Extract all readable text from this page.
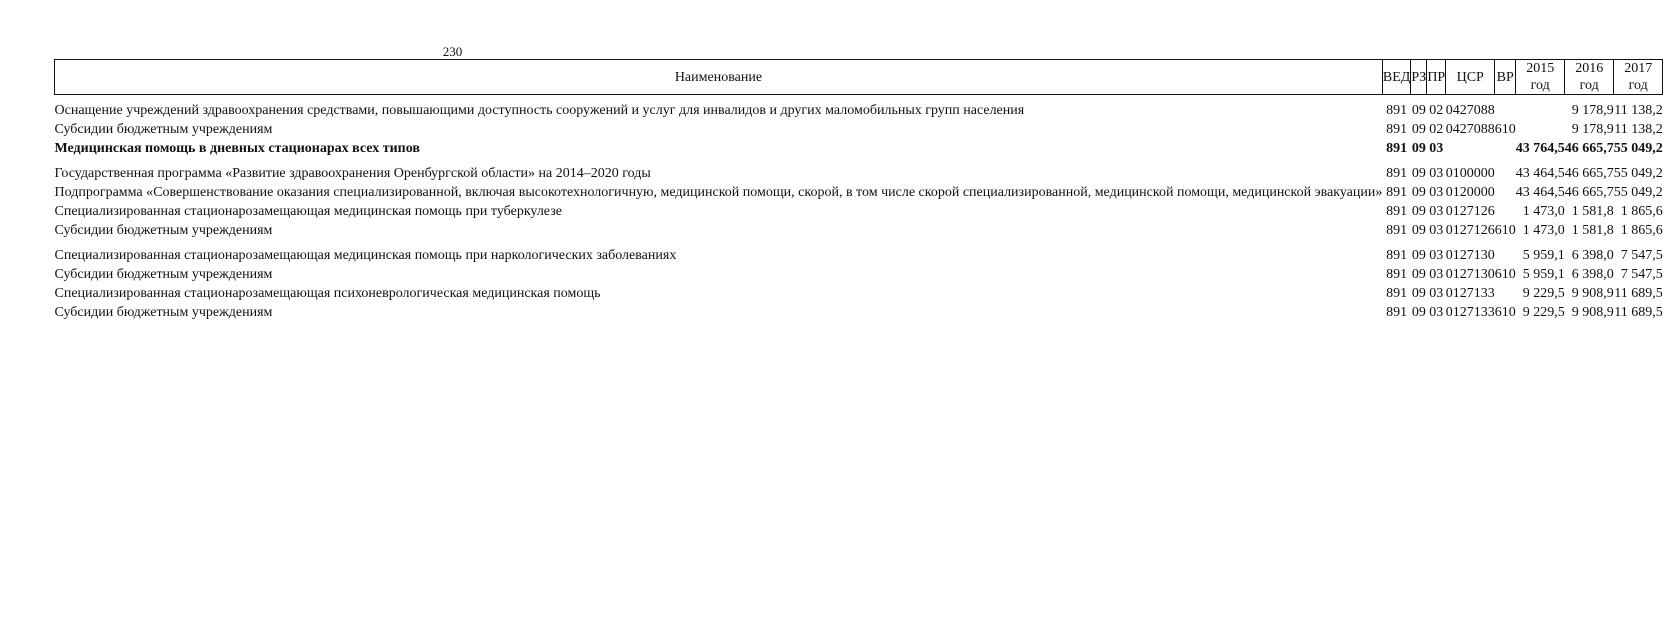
230
Наименование	ВЕД	РЗ	ПР	ЦСР	ВР	2015 год	2016 год	2017 год
Оснащение учреждений здравоохранения средствами, повышающими доступность сооружений и услуг для инвалидов и других маломобильных групп населения	891	09	02	0427088			9 178,9	11 138,2
Субсидии бюджетным учреждениям	891	09	02	0427088	610		9 178,9	11 138,2
Медицинская помощь в дневных стационарах всех типов	891	09	03			43 764,5	46 665,7	55 049,2
Государственная программа «Развитие здравоохранения Оренбургской области» на 2014–2020 годы	891	09	03	0100000		43 464,5	46 665,7	55 049,2
Подпрограмма «Совершенствование оказания специализированной, включая высокотехнологичную, медицинской помощи, скорой, в том числе скорой специализированной, медицинской помощи, медицинской эвакуации»	891	09	03	0120000		43 464,5	46 665,7	55 049,2
Специализированная стационарозамещающая медицинская помощь при туберкулезе	891	09	03	0127126		1 473,0	1 581,8	1 865,6
Субсидии бюджетным учреждениям	891	09	03	0127126	610	1 473,0	1 581,8	1 865,6
Специализированная стационарозамещающая медицинская помощь при наркологических заболеваниях	891	09	03	0127130		5 959,1	6 398,0	7 547,5
Субсидии бюджетным учреждениям	891	09	03	0127130	610	5 959,1	6 398,0	7 547,5
Специализированная стационарозамещающая психоневрологическая медицинская помощь	891	09	03	0127133		9 229,5	9 908,9	11 689,5
Субсидии бюджетным учреждениям	891	09	03	0127133	610	9 229,5	9 908,9	11 689,5
